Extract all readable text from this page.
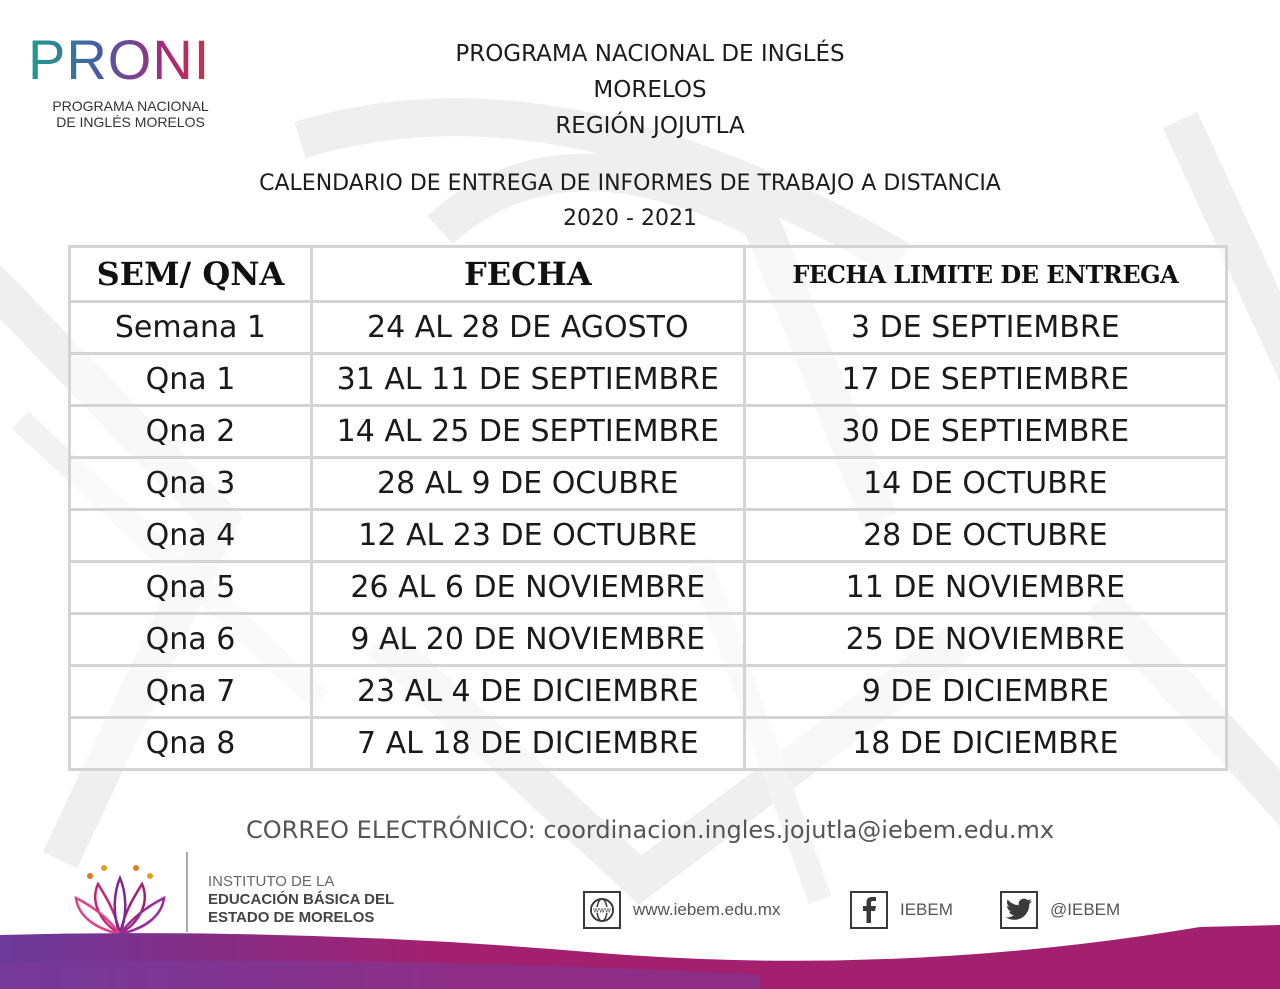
PRONI
PROGRAMA NACIONAL
DE INGLÉS MORELOS
PROGRAMA NACIONAL DE INGLÉS
MORELOS
REGIÓN JOJUTLA
CALENDARIO DE ENTREGA DE INFORMES DE TRABAJO A DISTANCIA
2020 - 2021
SEM/ QNA	FECHA	FECHA LIMITE DE ENTREGA
Semana 1	24 AL 28 DE AGOSTO	3 DE SEPTIEMBRE
Qna 1	31 AL 11 DE SEPTIEMBRE	17 DE SEPTIEMBRE
Qna 2	14 AL 25 DE SEPTIEMBRE	30 DE SEPTIEMBRE
Qna 3	28 AL 9 DE OCUBRE	14 DE OCTUBRE
Qna 4	12 AL 23 DE OCTUBRE	28 DE OCTUBRE
Qna 5	26 AL 6 DE NOVIEMBRE	11 DE NOVIEMBRE
Qna 6	9 AL 20 DE NOVIEMBRE	25 DE NOVIEMBRE
Qna 7	23 AL 4 DE DICIEMBRE	9 DE DICIEMBRE
Qna 8	7 AL 18 DE DICIEMBRE	18 DE DICIEMBRE
CORREO ELECTRÓNICO: coordinacion.ingles.jojutla@iebem.edu.mx
INSTITUTO DE LA
EDUCACIÓN BÁSICA DEL
ESTADO DE MORELOS	WWW www.iebem.edu.mx	IEBEM	@IEBEM
